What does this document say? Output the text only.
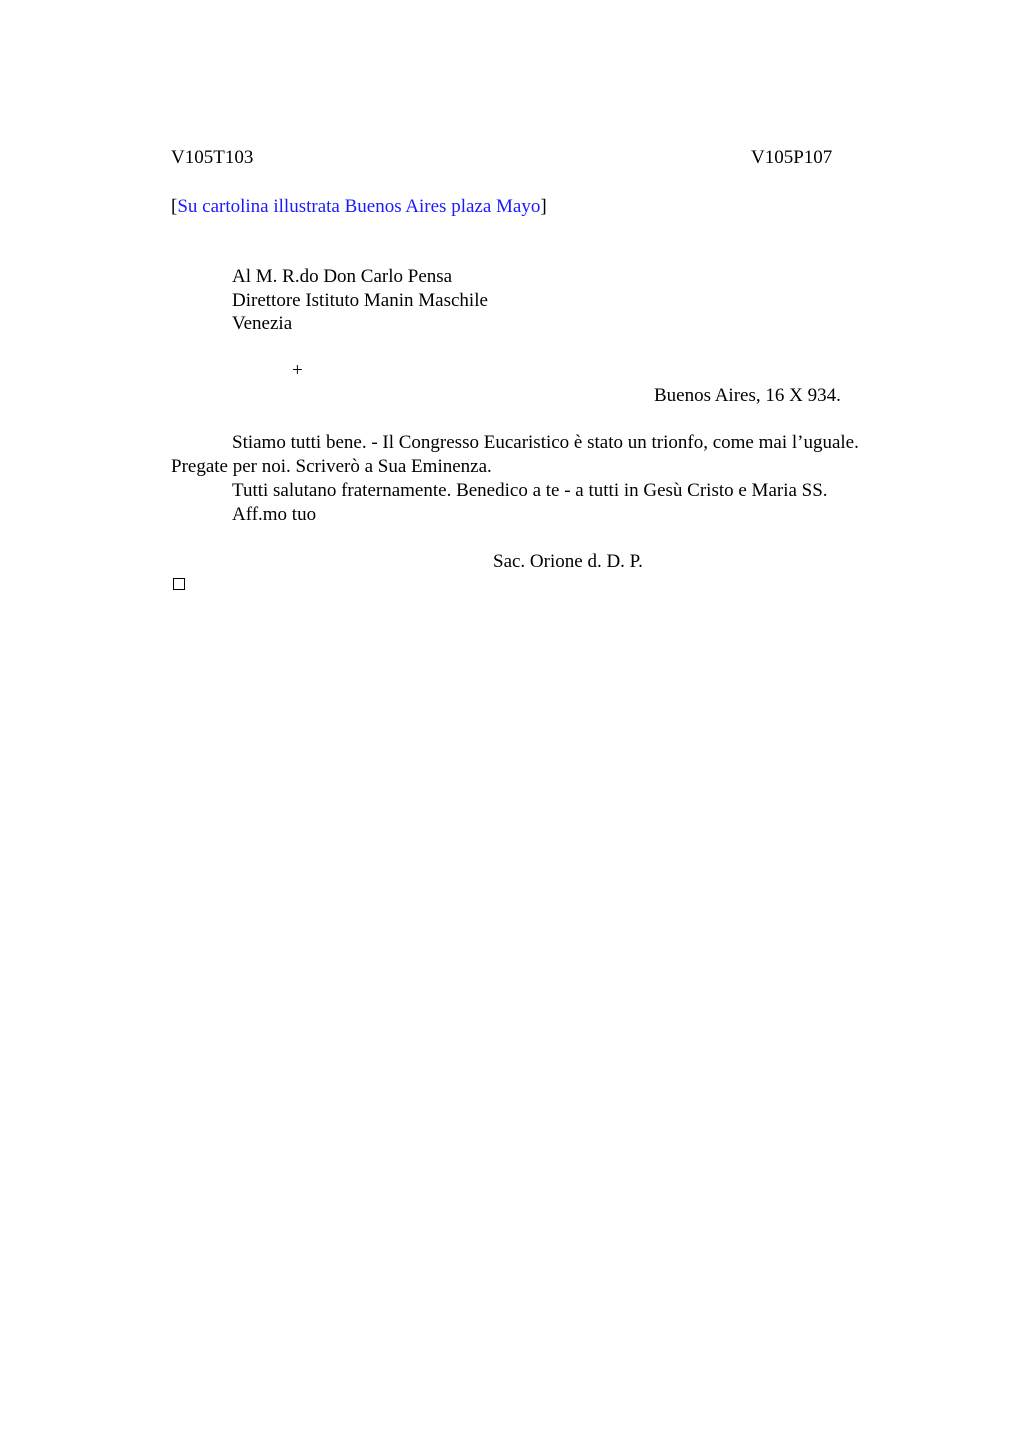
V105T103	V105P107
[Su cartolina illustrata Buenos Aires plaza Mayo]
Al M. R.do Don Carlo Pensa
Direttore Istituto Manin Maschile
Venezia
+
Buenos Aires, 16 X 934.

Stiamo tutti bene. - Il Congresso Eucaristico è stato un trionfo, come mai l’uguale.

Pregate per noi. Scriverò a Sua Eminenza.

Tutti salutano fraternamente. Benedico a te - a tutti in Gesù Cristo e Maria SS.

Aff.mo tuo

Sac. Orione d. D. P.
